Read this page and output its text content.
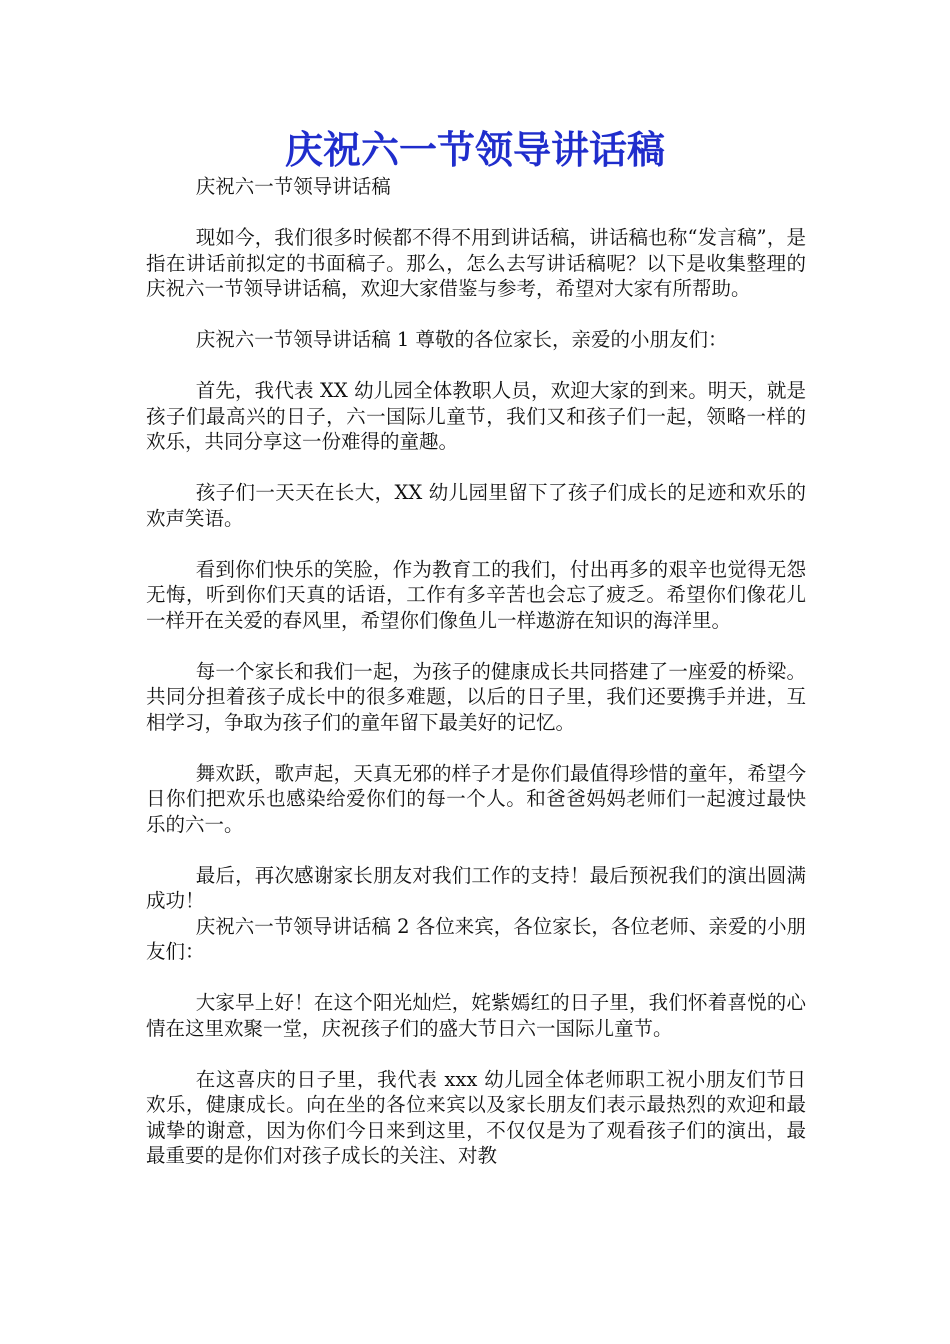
庆祝六一节领导讲话稿

庆祝六一节领导讲话稿

现如今，我们很多时候都不得不用到讲话稿，讲话稿也称“发言稿”，是指在讲话前拟定的书面稿子。那么，怎么去写讲话稿呢？以下是收集整理的庆祝六一节领导讲话稿，欢迎大家借鉴与参考，希望对大家有所帮助。

庆祝六一节领导讲话稿 1 尊敬的各位家长，亲爱的小朋友们：

首先，我代表 XX 幼儿园全体教职人员，欢迎大家的到来。明天，就是孩子们最高兴的日子，六一国际儿童节，我们又和孩子们一起，领略一样的欢乐，共同分享这一份难得的童趣。

孩子们一天天在长大，XX 幼儿园里留下了孩子们成长的足迹和欢乐的欢声笑语。

看到你们快乐的笑脸，作为教育工的我们，付出再多的艰辛也觉得无怨无悔，听到你们天真的话语，工作有多辛苦也会忘了疲乏。希望你们像花儿一样开在关爱的春风里，希望你们像鱼儿一样遨游在知识的海洋里。

每一个家长和我们一起，为孩子的健康成长共同搭建了一座爱的桥梁。共同分担着孩子成长中的很多难题，以后的日子里，我们还要携手并进，互相学习，争取为孩子们的童年留下最美好的记忆。

舞欢跃，歌声起，天真无邪的样子才是你们最值得珍惜的童年，希望今日你们把欢乐也感染给爱你们的每一个人。和爸爸妈妈老师们一起渡过最快乐的六一。

最后，再次感谢家长朋友对我们工作的支持！最后预祝我们的演出圆满成功！

庆祝六一节领导讲话稿 2 各位来宾，各位家长，各位老师、亲爱的小朋友们：

大家早上好！在这个阳光灿烂，姹紫嫣红的日子里，我们怀着喜悦的心情在这里欢聚一堂，庆祝孩子们的盛大节日六一国际儿童节。

在这喜庆的日子里，我代表 xxx 幼儿园全体老师职工祝小朋友们节日欢乐，健康成长。向在坐的各位来宾以及家长朋友们表示最热烈的欢迎和最诚挚的谢意，因为你们今日来到这里，不仅仅是为了观看孩子们的演出，最最重要的是你们对孩子成长的关注、对教
